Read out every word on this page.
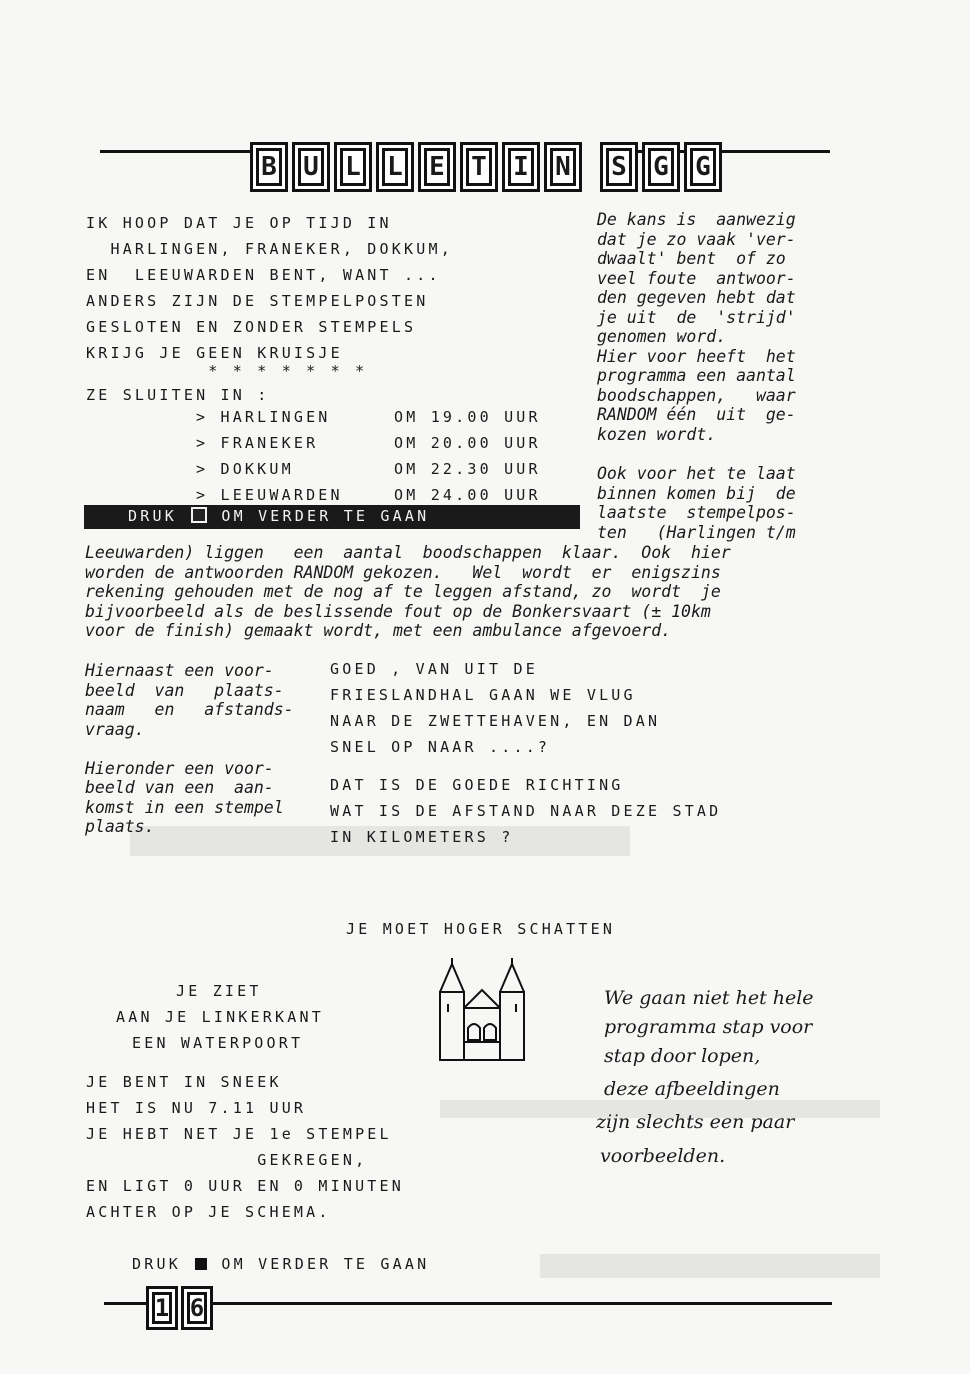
B	U	L	L	E	T	I	N	S	G	G
IK HOOP DAT JE OP TIJD IN
HARLINGEN, FRANEKER, DOKKUM,
EN  LEEUWARDEN BENT, WANT ...
ANDERS ZIJN DE STEMPELPOSTEN
GESLOTEN EN ZONDER STEMPELS
KRIJG JE GEEN KRUISJE
* * * * * * *
ZE SLUITEN IN :
> HARLINGEN	OM 19.00 UUR
> FRANEKER	OM 20.00 UUR
> DOKKUM	OM 22.30 UUR
> LEEUWARDEN	OM 24.00 UUR
DRUK  OM VERDER TE GAAN
De kans is  aanwezig
dat je zo vaak 'ver-
dwaalt' bent  of zo
veel foute  antwoor-
den gegeven hebt dat
je uit  de  'strijd'
genomen word.
Hier voor heeft  het
programma een aantal
boodschappen,   waar
RANDOM één  uit  ge-
kozen wordt.
Ook voor het te laat
binnen komen bij  de
laatste  stempelpos-
ten   (Harlingen t/m
Leeuwarden) liggen   een  aantal  boodschappen  klaar.  Ook  hier
worden de antwoorden RANDOM gekozen.   Wel  wordt  er  enigszins
rekening gehouden met de nog af te leggen afstand, zo  wordt  je
bijvoorbeeld als de beslissende fout op de Bonkersvaart (± 10km
voor de finish) gemaakt wordt, met een ambulance afgevoerd.
Hiernaast een voor-
beeld  van   plaats-
naam   en   afstands-
vraag.
Hieronder een voor-
beeld van een  aan-
komst in een stempel
plaats.
GOED , VAN UIT DE
FRIESLANDHAL GAAN WE VLUG
NAAR DE ZWETTEHAVEN, EN DAN
SNEL OP NAAR ....?
DAT IS DE GOEDE RICHTING
WAT IS DE AFSTAND NAAR DEZE STAD
IN KILOMETERS ?
JE MOET HOGER SCHATTEN
JE ZIET
AAN JE LINKERKANT
EEN WATERPOORT
JE BENT IN SNEEK
HET IS NU 7.11 UUR
JE HEBT NET JE 1e STEMPEL
GEKREGEN,
EN LIGT 0 UUR EN 0 MINUTEN
ACHTER OP JE SCHEMA.
DRUK  OM VERDER TE GAAN
We gaan niet het hele
programma stap voor
stap door lopen,
deze afbeeldingen
zijn slechts een paar
voorbeelden.
1 6
